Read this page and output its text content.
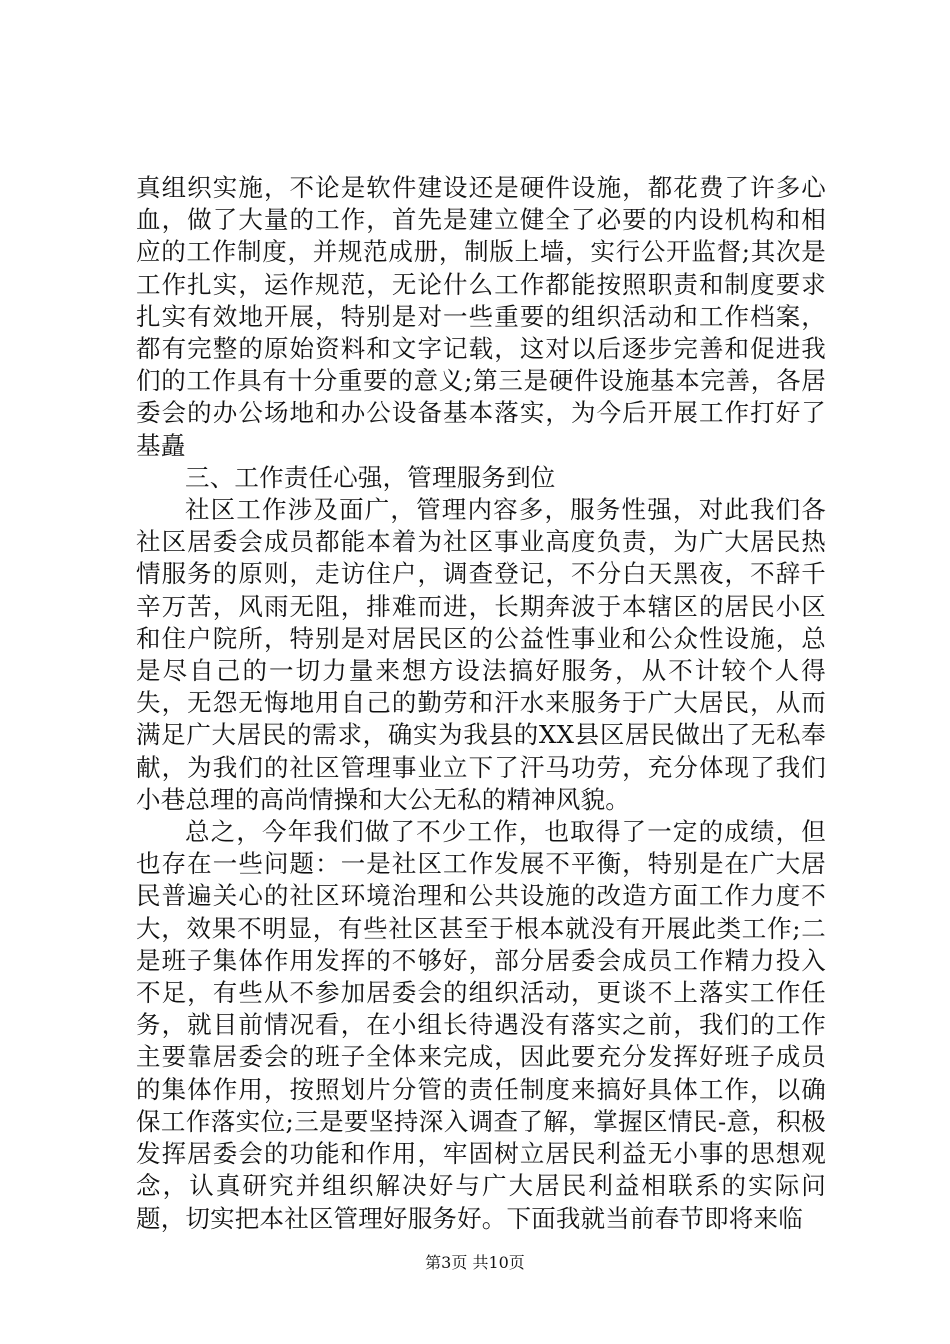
真组织实施，不论是软件建设还是硬件设施，都花费了许多心血，做了大量的工作，首先是建立健全了必要的内设机构和相应的工作制度，并规范成册，制版上墙，实行公开监督;其次是工作扎实，运作规范，无论什么工作都能按照职责和制度要求扎实有效地开展，特别是对一些重要的组织活动和工作档案，都有完整的原始资料和文字记载，这对以后逐步完善和促进我们的工作具有十分重要的意义;第三是硬件设施基本完善，各居委会的办公场地和办公设备基本落实，为今后开展工作打好了基矗

三、工作责任心强，管理服务到位

社区工作涉及面广，管理内容多，服务性强，对此我们各社区居委会成员都能本着为社区事业高度负责，为广大居民热情服务的原则，走访住户，调查登记，不分白天黑夜，不辞千辛万苦，风雨无阻，排难而进，长期奔波于本辖区的居民小区和住户院所，特别是对居民区的公益性事业和公众性设施，总是尽自己的一切力量来想方设法搞好服务，从不计较个人得失，无怨无悔地用自己的勤劳和汗水来服务于广大居民，从而满足广大居民的需求，确实为我县的XX县区居民做出了无私奉献，为我们的社区管理事业立下了汗马功劳，充分体现了我们小巷总理的高尚情操和大公无私的精神风貌。

总之，今年我们做了不少工作，也取得了一定的成绩，但也存在一些问题：一是社区工作发展不平衡，特别是在广大居民普遍关心的社区环境治理和公共设施的改造方面工作力度不大，效果不明显，有些社区甚至于根本就没有开展此类工作;二是班子集体作用发挥的不够好，部分居委会成员工作精力投入不足，有些从不参加居委会的组织活动，更谈不上落实工作任务，就目前情况看，在小组长待遇没有落实之前，我们的工作主要靠居委会的班子全体来完成，因此要充分发挥好班子成员的集体作用，按照划片分管的责任制度来搞好具体工作，以确保工作落实位;三是要坚持深入调查了解，掌握区情民-意，积极发挥居委会的功能和作用，牢固树立居民利益无小事的思想观念，认真研究并组织解决好与广大居民利益相联系的实际问题，切实把本社区管理好服务好。下面我就当前春节即将来临

第3页 共10页
